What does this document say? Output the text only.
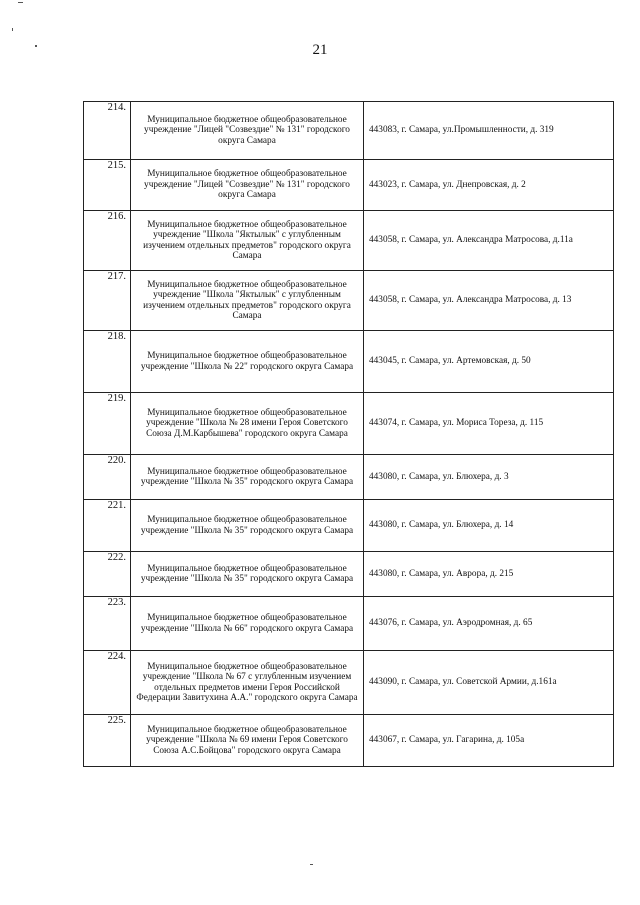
21
214.	Муниципальное бюджетное общеобразовательное учреждение "Лицей "Созвездие" № 131" городского округа Самара	443083, г. Самара, ул.Промышленности, д. 319
215.	Муниципальное бюджетное общеобразовательное учреждение "Лицей "Созвездие" № 131" городского округа Самара	443023, г. Самара, ул. Днепровская, д. 2
216.	Муниципальное бюджетное общеобразовательное учреждение "Школа "Яктылык" с углубленным изучением отдельных предметов" городского округа Самара	443058, г. Самара, ул. Александра Матросова, д.11а
217.	Муниципальное бюджетное общеобразовательное учреждение "Школа "Яктылык" с углубленным изучением отдельных предметов" городского округа Самара	443058, г. Самара, ул. Александра Матросова, д. 13
218.	Муниципальное бюджетное общеобразовательное учреждение "Школа № 22" городского округа Самара	443045, г. Самара, ул. Артемовская, д. 50
219.	Муниципальное бюджетное общеобразовательное учреждение "Школа № 28 имени Героя Советского Союза Д.М.Карбышева" городского округа Самара	443074, г. Самара, ул. Мориса Тореза, д. 115
220.	Муниципальное бюджетное общеобразовательное учреждение "Школа № 35" городского округа Самара	443080, г. Самара, ул. Блюхера, д. 3
221.	Муниципальное бюджетное общеобразовательное учреждение "Школа № 35" городского округа Самара	443080, г. Самара, ул. Блюхера, д. 14
222.	Муниципальное бюджетное общеобразовательное учреждение "Школа № 35" городского округа Самара	443080, г. Самара, ул. Аврора, д. 215
223.	Муниципальное бюджетное общеобразовательное учреждение "Школа № 66" городского округа Самара	443076, г. Самара, ул. Аэродромная, д. 65
224.	Муниципальное бюджетное общеобразовательное учреждение "Школа № 67 с углубленным изучением отдельных предметов имени Героя Российской Федерации Завитухина А.А." городского округа Самара	443090, г. Самара, ул. Советской Армии, д.161а
225.	Муниципальное бюджетное общеобразовательное учреждение "Школа № 69 имени Героя Советского Союза А.С.Бойцова" городского округа Самара	443067, г. Самара, ул. Гагарина, д. 105а
